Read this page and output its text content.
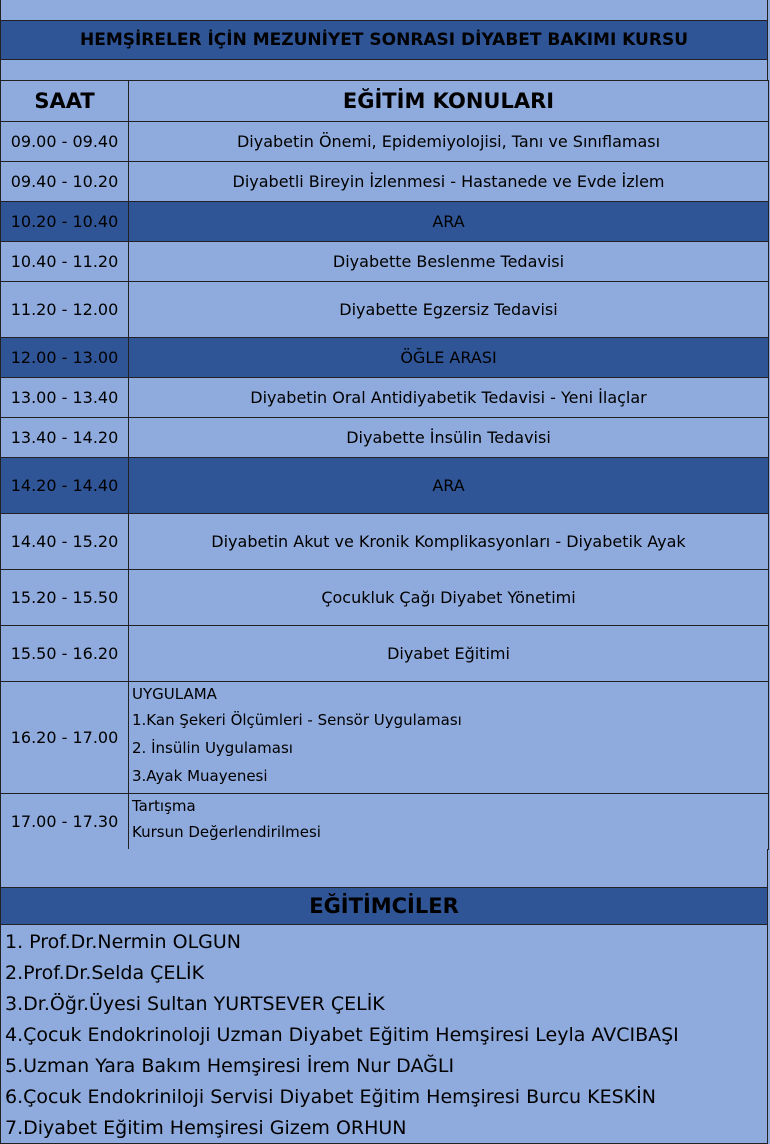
HEMŞİRELER İÇİN MEZUNİYET SONRASI DİYABET BAKIMI KURSU
SAAT	EĞİTİM KONULARI
09.00 - 09.40	Diyabetin Önemi, Epidemiyolojisi, Tanı ve Sınıflaması
09.40 - 10.20	Diyabetli Bireyin İzlenmesi - Hastanede ve Evde İzlem
10.20 - 10.40	ARA
10.40 - 11.20	Diyabette Beslenme Tedavisi
11.20 - 12.00	Diyabette Egzersiz Tedavisi
12.00 - 13.00	ÖĞLE ARASI
13.00 - 13.40	Diyabetin Oral Antidiyabetik Tedavisi - Yeni İlaçlar
13.40 - 14.20	Diyabette İnsülin Tedavisi
14.20 - 14.40	ARA
14.40 - 15.20	Diyabetin Akut ve Kronik Komplikasyonları - Diyabetik Ayak
15.20 - 15.50	Çocukluk Çağı Diyabet Yönetimi
15.50 - 16.20	Diyabet Eğitimi
16.20 - 17.00	UYGULAMA
1.Kan Şekeri Ölçümleri - Sensör Uygulaması
2. İnsülin Uygulaması
3.Ayak Muayenesi

17.00 - 17.30	Tartışma
Kursun Değerlendirilmesi
EĞİTİMCİLER
1. Prof.Dr.Nermin OLGUN
2.Prof.Dr.Selda ÇELİK
3.Dr.Öğr.Üyesi Sultan YURTSEVER ÇELİK
4.Çocuk Endokrinoloji Uzman Diyabet Eğitim Hemşiresi Leyla AVCIBAŞI
5.Uzman Yara Bakım Hemşiresi İrem Nur DAĞLI
6.Çocuk Endokriniloji Servisi Diyabet Eğitim Hemşiresi Burcu KESKİN
7.Diyabet Eğitim Hemşiresi Gizem ORHUN
